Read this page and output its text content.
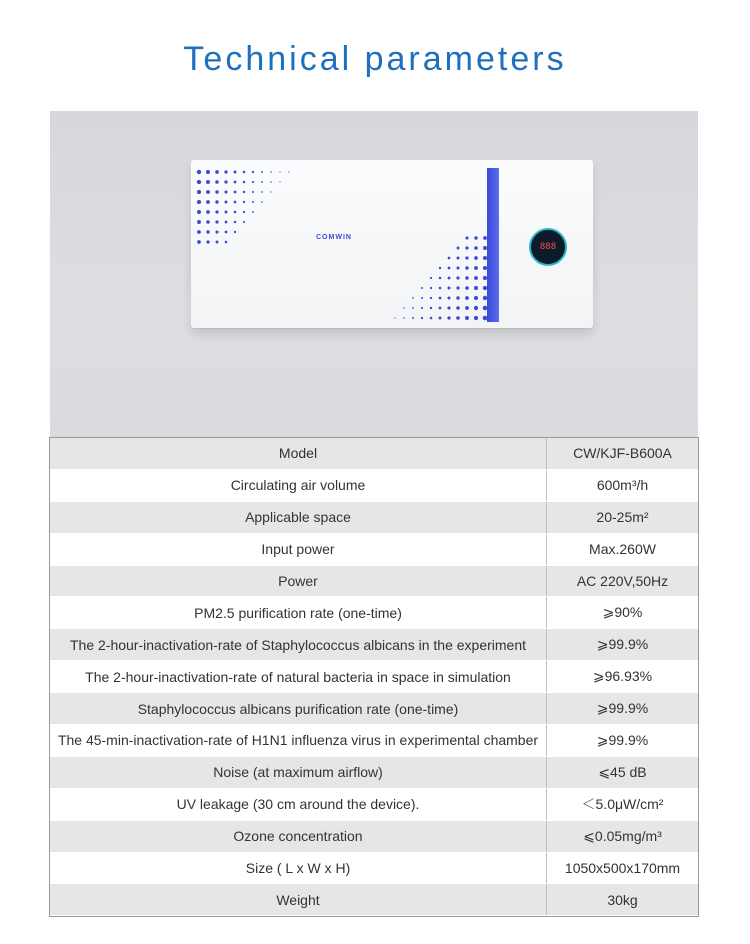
Technical parameters
COMWIN
888
Model	CW/KJF-B600A
Circulating air volume	600m³/h
Applicable space	20-25m²
Input power	Max.260W
Power	AC 220V,50Hz
PM2.5 purification rate (one-time)	⩾90%
The 2-hour-inactivation-rate of Staphylococcus albicans in the experiment	⩾99.9%
The 2-hour-inactivation-rate of natural bacteria in space in simulation	⩾96.93%
Staphylococcus albicans purification rate (one-time)	⩾99.9%
The 45-min-inactivation-rate of H1N1 influenza virus in experimental chamber	⩾99.9%
Noise (at maximum airflow)	⩽45 dB
UV leakage (30 cm around the device).	＜5.0μW/cm²
Ozone concentration	⩽0.05mg/m³
Size ( L x W x H)	1050x500x170mm
Weight	30kg
